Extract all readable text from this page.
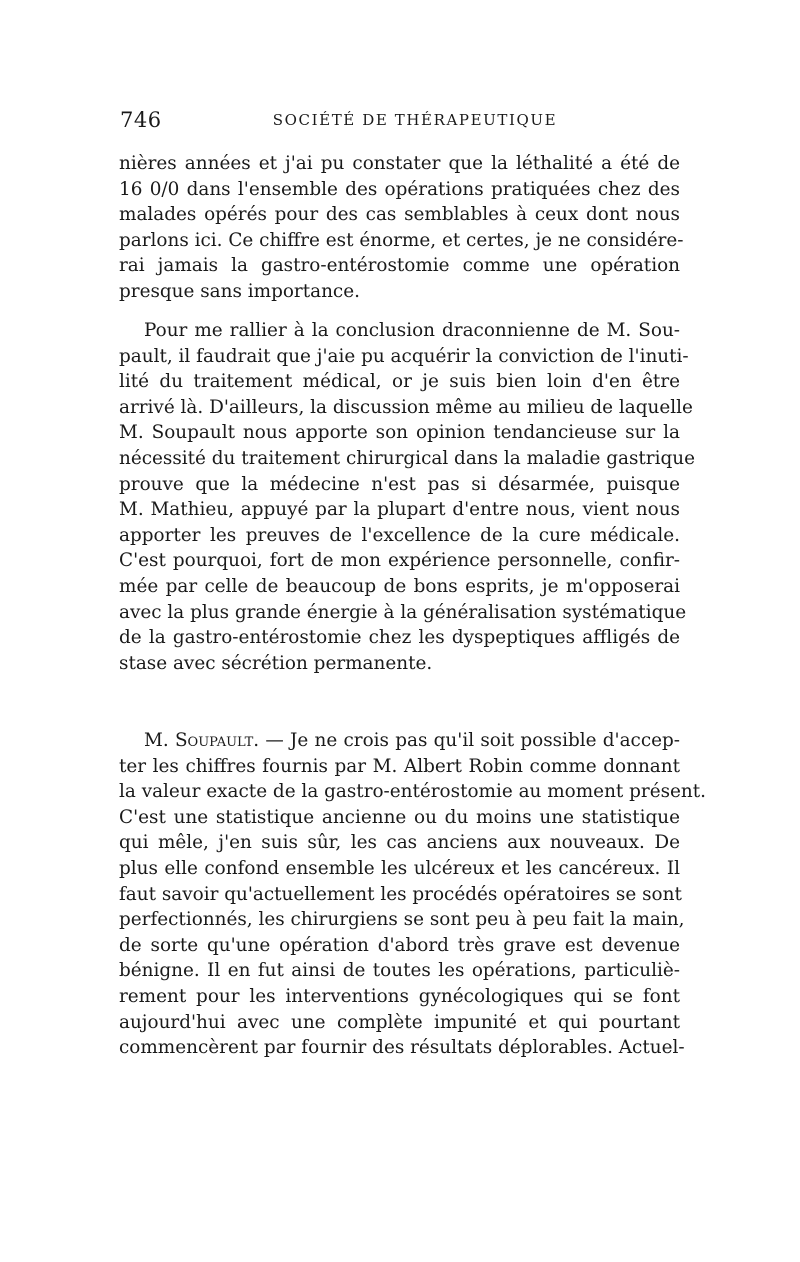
746	SOCIÉTÉ DE THÉRAPEUTIQUE
nières années et j'ai pu constater que la léthalité a été de
16 0/0 dans l'ensemble des opérations pratiquées chez des
malades opérés pour des cas semblables à ceux dont nous
parlons ici. Ce chiffre est énorme, et certes, je ne considére-
rai jamais la gastro-entérostomie comme une opération
presque sans importance.
Pour me rallier à la conclusion draconnienne de M. Sou-
pault, il faudrait que j'aie pu acquérir la conviction de l'inuti-
lité du traitement médical, or je suis bien loin d'en être
arrivé là. D'ailleurs, la discussion même au milieu de laquelle
M. Soupault nous apporte son opinion tendancieuse sur la
nécessité du traitement chirurgical dans la maladie gastrique
prouve que la médecine n'est pas si désarmée, puisque
M. Mathieu, appuyé par la plupart d'entre nous, vient nous
apporter les preuves de l'excellence de la cure médicale.
C'est pourquoi, fort de mon expérience personnelle, confir-
mée par celle de beaucoup de bons esprits, je m'opposerai
avec la plus grande énergie à la généralisation systématique
de la gastro-entérostomie chez les dyspeptiques affligés de
stase avec sécrétion permanente.
M. Soupault. — Je ne crois pas qu'il soit possible d'accep-
ter les chiffres fournis par M. Albert Robin comme donnant
la valeur exacte de la gastro-entérostomie au moment présent.
C'est une statistique ancienne ou du moins une statistique
qui mêle, j'en suis sûr, les cas anciens aux nouveaux. De
plus elle confond ensemble les ulcéreux et les cancéreux. Il
faut savoir qu'actuellement les procédés opératoires se sont
perfectionnés, les chirurgiens se sont peu à peu fait la main,
de sorte qu'une opération d'abord très grave est devenue
bénigne. Il en fut ainsi de toutes les opérations, particuliè-
rement pour les interventions gynécologiques qui se font
aujourd'hui avec une complète impunité et qui pourtant
commencèrent par fournir des résultats déplorables. Actuel-
